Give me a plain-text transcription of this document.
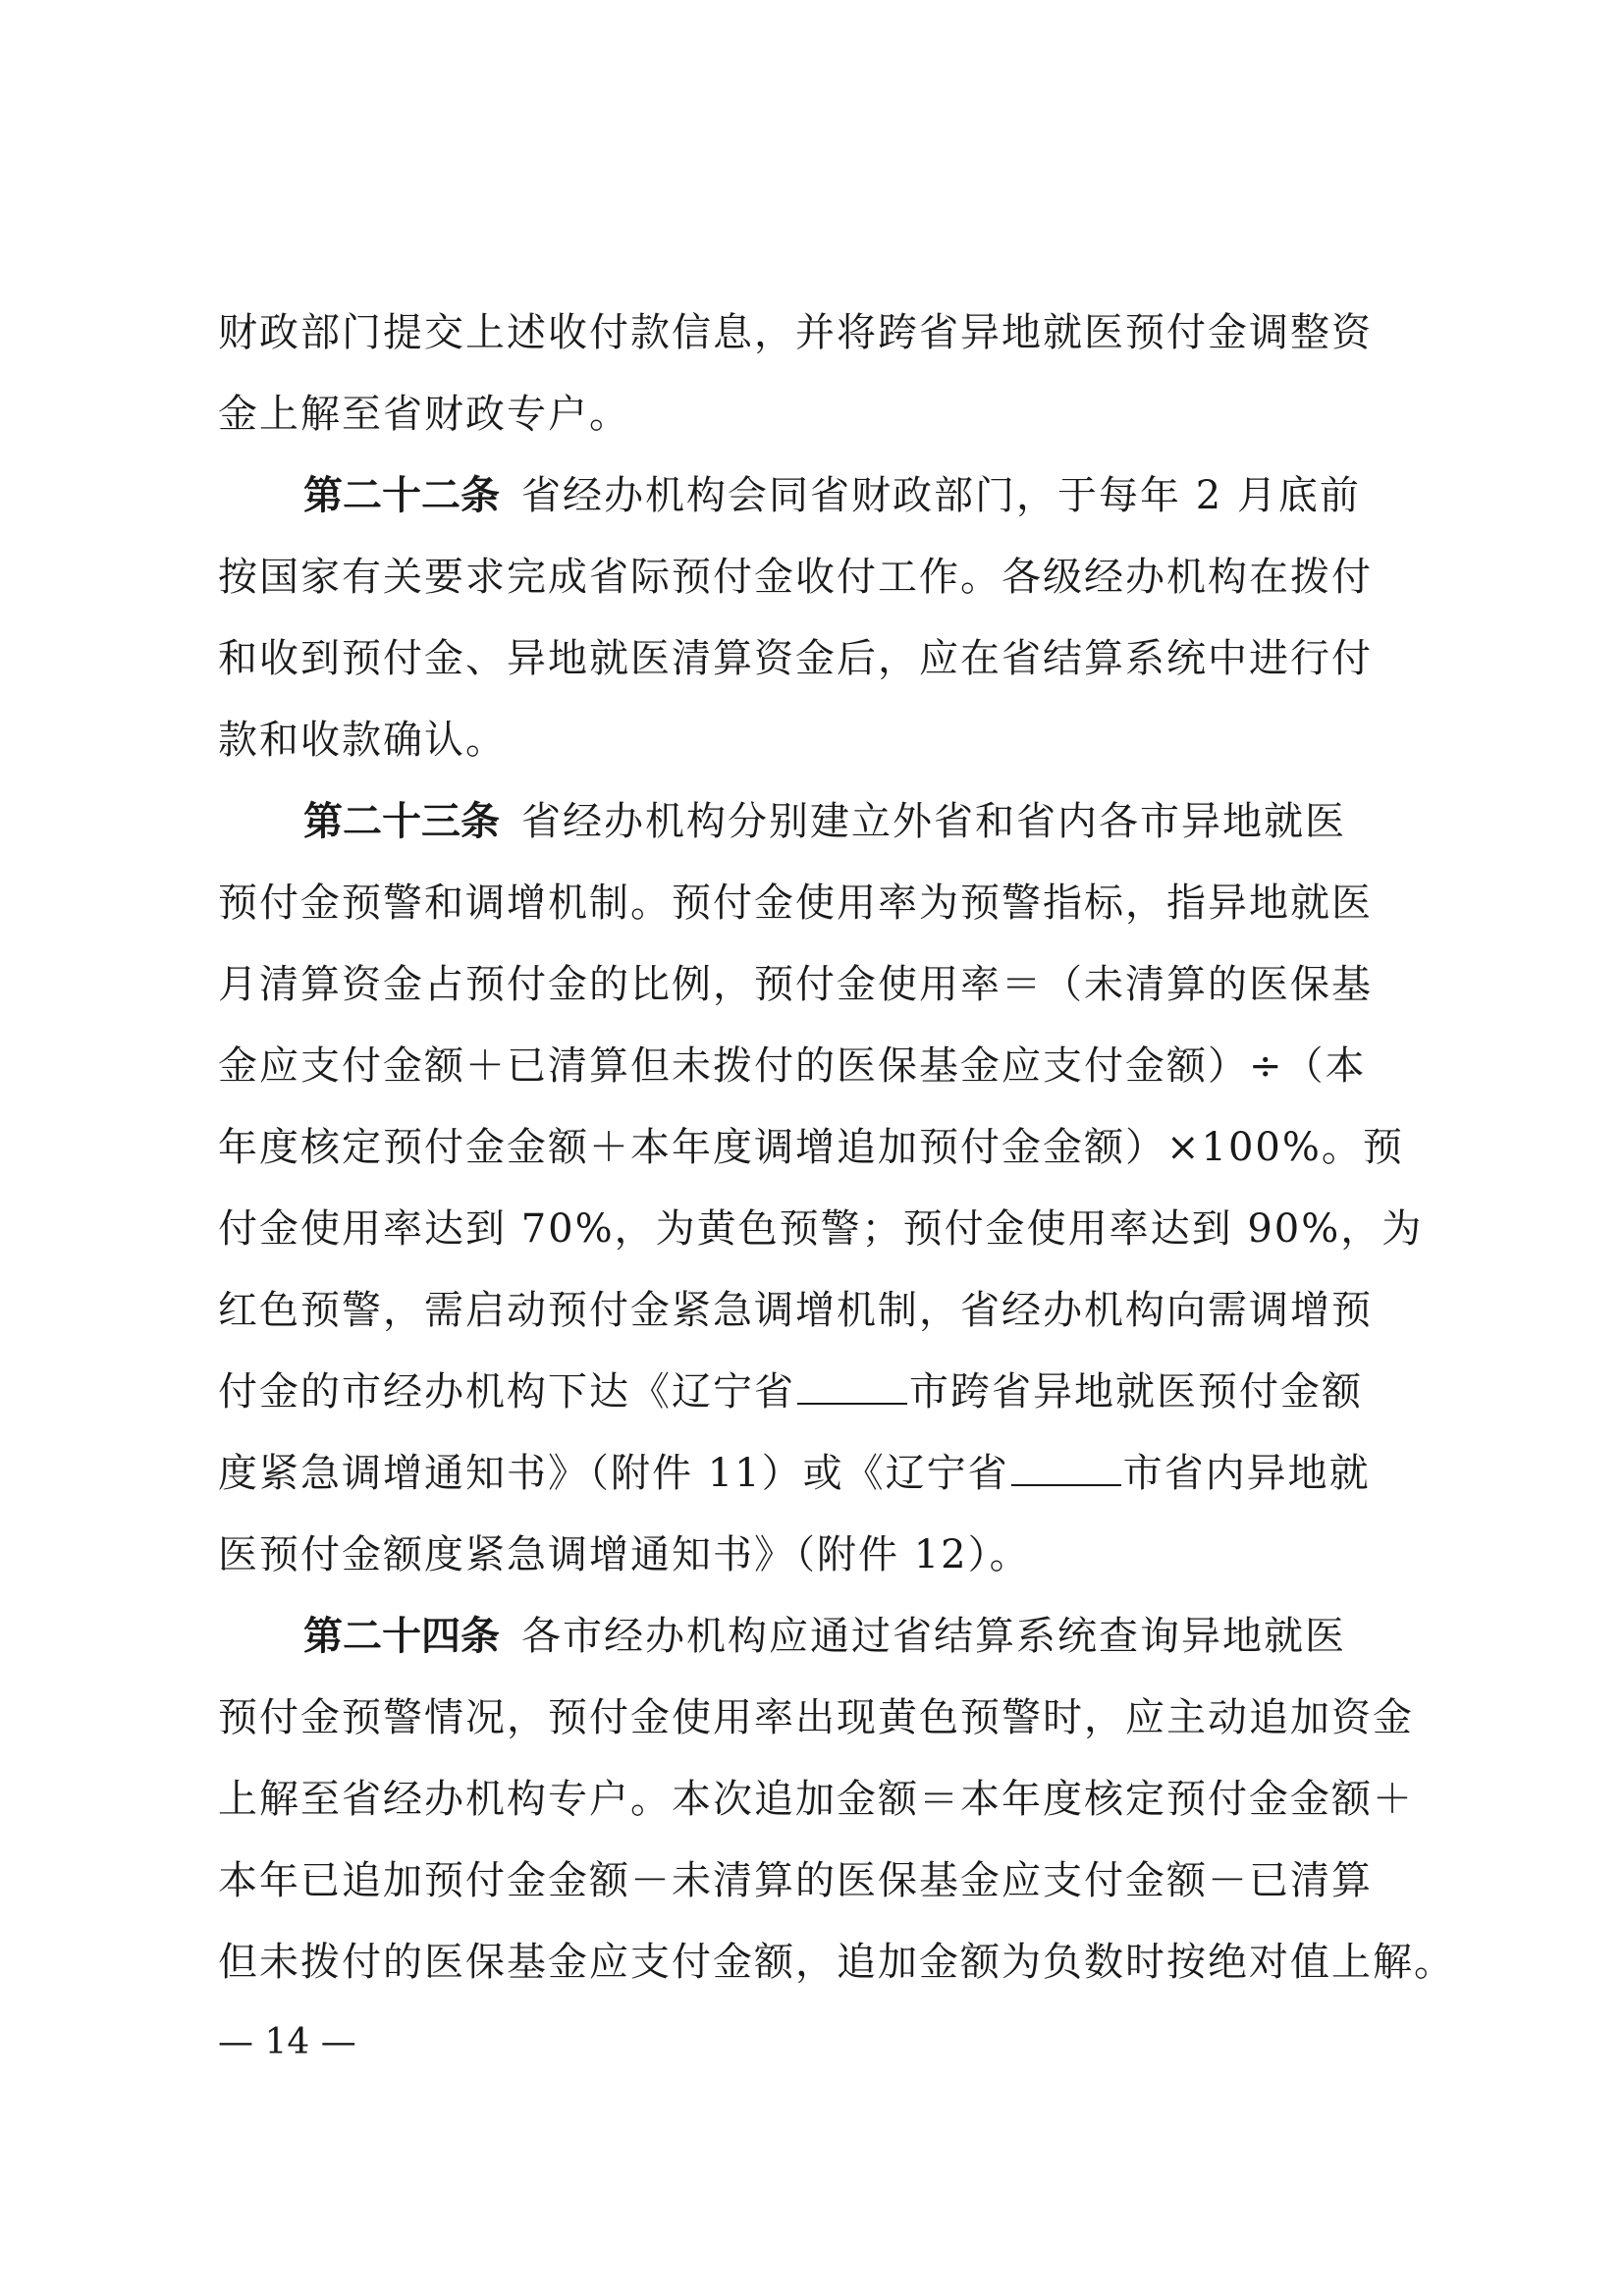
财政部门提交上述收付款信息，并将跨省异地就医预付金调整资
金上解至省财政专户。
第二十二条 省经办机构会同省财政部门，于每年 2 月底前
按国家有关要求完成省际预付金收付工作。各级经办机构在拨付
和收到预付金、异地就医清算资金后，应在省结算系统中进行付
款和收款确认。
第二十三条 省经办机构分别建立外省和省内各市异地就医
预付金预警和调增机制。预付金使用率为预警指标，指异地就医
月清算资金占预付金的比例，预付金使用率＝（未清算的医保基
金应支付金额＋已清算但未拨付的医保基金应支付金额）÷（本
年度核定预付金金额＋本年度调增追加预付金金额）×100%。预
付金使用率达到 70%，为黄色预警；预付金使用率达到 90%，为
红色预警，需启动预付金紧急调增机制，省经办机构向需调增预
付金的市经办机构下达《辽宁省	市跨省异地就医预付金额
度紧急调增通知书》（附件 11）或《辽宁省	市省内异地就
医预付金额度紧急调增通知书》（附件 12）。
第二十四条 各市经办机构应通过省结算系统查询异地就医
预付金预警情况，预付金使用率出现黄色预警时，应主动追加资金
上解至省经办机构专户。本次追加金额＝本年度核定预付金金额＋
本年已追加预付金金额－未清算的医保基金应支付金额－已清算
但未拨付的医保基金应支付金额，追加金额为负数时按绝对值上解。
— 14 —
